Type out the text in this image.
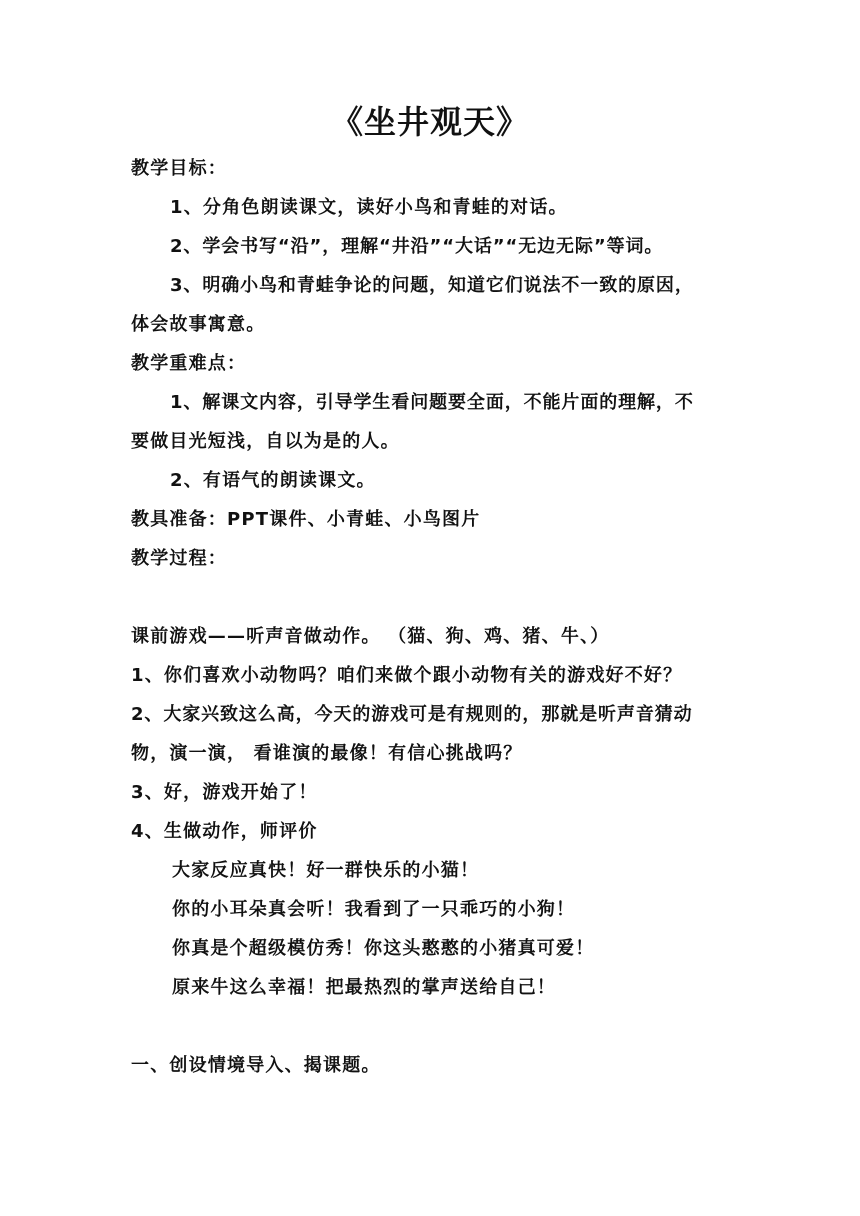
《坐井观天》
教学目标：
1、分角色朗读课文，读好小鸟和青蛙的对话。
2、学会书写“沿”，理解“井沿”“大话”“无边无际”等词。
3、明确小鸟和青蛙争论的问题，知道它们说法不一致的原因，
体会故事寓意。
教学重难点：
1、解课文内容，引导学生看问题要全面，不能片面的理解，不
要做目光短浅，自以为是的人。
2、有语气的朗读课文。
教具准备：PPT课件、小青蛙、小鸟图片
教学过程：
课前游戏——听声音做动作。 （猫、狗、鸡、猪、牛、）
1、你们喜欢小动物吗？咱们来做个跟小动物有关的游戏好不好？
2、大家兴致这么高，今天的游戏可是有规则的，那就是听声音猜动
物，演一演， 看谁演的最像！有信心挑战吗？
3、好，游戏开始了！
4、生做动作，师评价
大家反应真快！好一群快乐的小猫！
你的小耳朵真会听！我看到了一只乖巧的小狗！
你真是个超级模仿秀！你这头憨憨的小猪真可爱！
原来牛这么幸福！把最热烈的掌声送给自己！
一、创设情境导入、揭课题。
